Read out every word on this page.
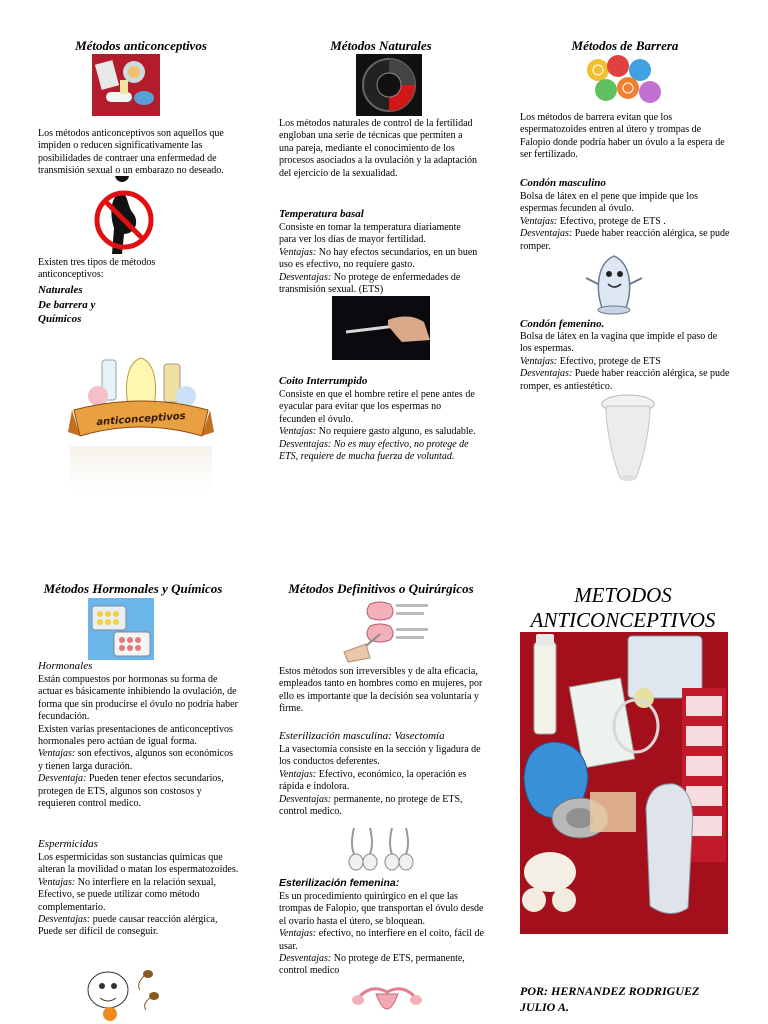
Métodos anticonceptivos

Los métodos anticonceptivos son aquellos que impiden o reducen significativamente las posibilidades de contraer una enfermedad de transmisión sexual o un embarazo no deseado.

Existen tres tipos de métodos anticonceptivos:

Naturales

De barrera y

Químicos

anticonceptivos

Métodos Naturales

Los métodos naturales de control de la fertilidad engloban una serie de técnicas que permiten a una pareja, mediante el conocimiento de los procesos asociados a la ovulación y la adaptación del ejercicio de la sexualidad.

Temperatura basal

Consiste en tomar la temperatura diariamente para ver los días de mayor fertilidad.
Ventajas: No hay efectos secundarios, en un buen uso es efectivo, no requiere gasto.
Desventajas: No protege de enfermedades de transmisión sexual. (ETS)

Coito Interrumpido

Consiste en que el hombre retire el pene antes de eyacular para evitar que los espermas no fecunden el óvulo.
Ventajas: No requiere gasto alguno, es saludable.
Desventajas: No es muy efectivo, no protege de ETS, requiere de mucha fuerza de voluntad.

Métodos de Barrera

Los métodos de barrera evitan que los espermatozoides entren al útero y trompas de Falopio donde podría haber un óvulo a la espera de ser fertilizado.

Condón masculino

Bolsa de látex en el pene que impide que los espermas fecunden al óvulo.
Ventajas: Efectivo, protege de ETS .
Desventajas: Puede haber reacción alérgica, se pude romper.

Condón femenino.

Bolsa de látex en la vagina que impide el paso de los espermas.
Ventajas: Efectivo, protege de ETS
Desventajas: Puede haber reacción alérgica, se pude romper, es antiestético.

Métodos Hormonales y Químicos

Hormonales

Están compuestos por hormonas su forma de actuar es básicamente inhibiendo la ovulación, de forma que sin producirse el óvulo no podría haber fecundación.
Existen varias presentaciones de anticonceptivos hormonales pero actúan de igual forma.
Ventajas: son efectivos, algunos son económicos y tienen larga duración.
Desventaja: Pueden tener efectos secundarios, protegen de ETS, algunos son costosos y requieren control medico.

Espermicidas

Los espermicidas son sustancias químicas que alteran la movilidad o matan los espermatozoides.
Ventajas: No interfiere en la relación sexual, Efectivo, se puede utilizar como método complementario.
Desventajas: puede causar reacción alérgica, Puede ser difícil de conseguir.

Métodos Definitivos o Quirúrgicos

Estos métodos son irreversibles y de alta eficacia, empleados tanto en hombres como en mujeres, por ello es importante que la decisión sea voluntaria y firme.

Esterilización masculina: Vasectomía

La vasectomía consiste en la sección y ligadura de los conductos deferentes.
Ventajas: Efectivo, económico, la operación es rápida e indolora.
Desventajas: permanente, no protege de ETS, control medico.

Esterilización femenina:

Es un procedimiento quirúrgico en el que las trompas de Falopio, que transportan el óvulo desde el ovario hasta el útero, se bloquean.
Ventajas: efectivo, no interfiere en el coito, fácil de usar.
Desventajas: No protege de ETS, permanente, control medico

METODOS
ANTICONCEPTIVOS
POR: HERNANDEZ RODRIGUEZ
JULIO A.
